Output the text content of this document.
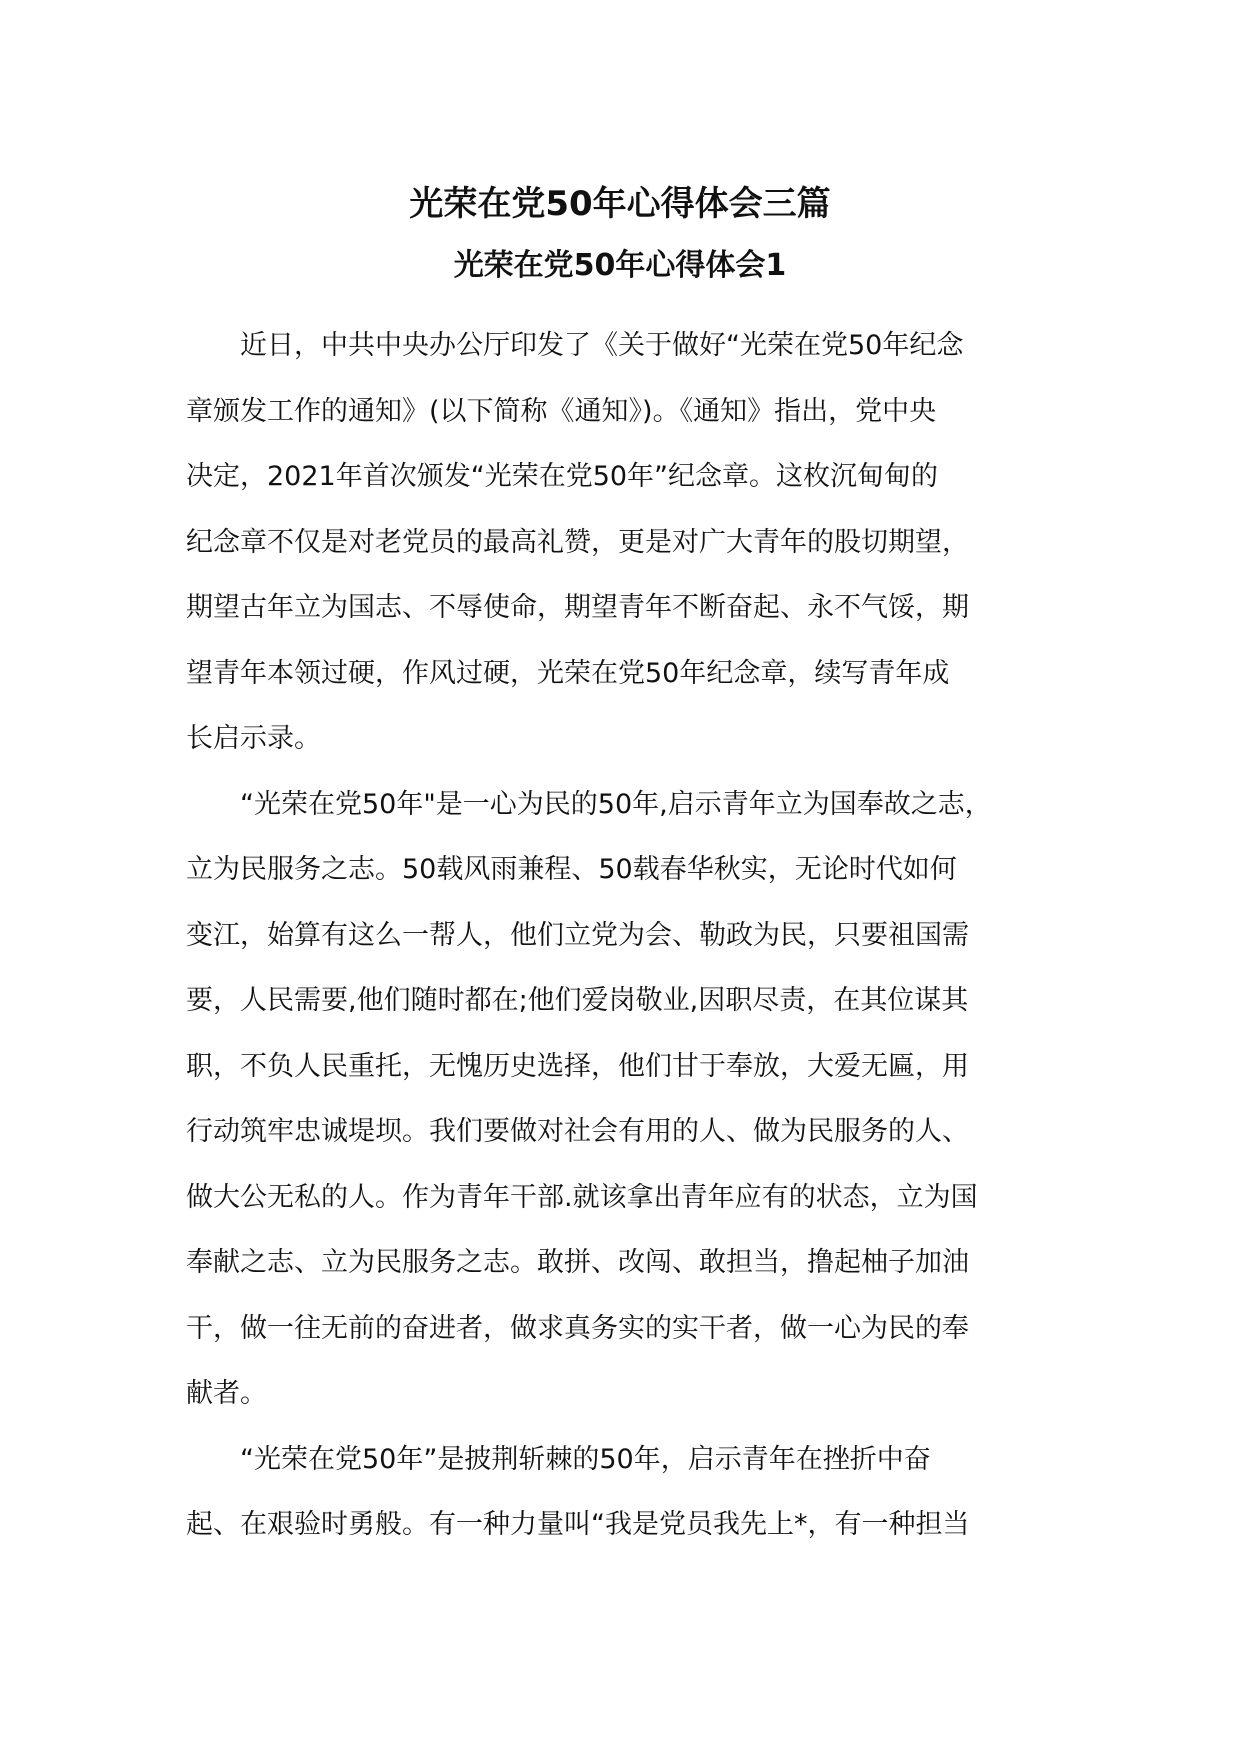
光荣在党50年心得体会三篇
光荣在党50年心得体会1

近日，中共中央办公厅印发了《关于做好“光荣在党50年纪念
章颁发工作的通知》(以下简称《通知》)。《通知》指出，党中央
决定，2021年首次颁发“光荣在党50年”纪念章。这枚沉甸甸的
纪念章不仅是对老党员的最高礼赞，更是对广大青年的股切期望，
期望古年立为国志、不辱使命，期望青年不断奋起、永不气馁，期
望青年本领过硬，作风过硬，光荣在党50年纪念章，续写青年成
长启示录。

“光荣在党50年"是一心为民的50年,启示青年立为国奉故之志，
立为民服务之志。50载风雨兼程、50载春华秋实，无论时代如何
变江，始算有这么一帮人，他们立党为会、勒政为民，只要祖国需
要，人民需要,他们随时都在;他们爱岗敬业,因职尽责，在其位谋其
职，不负人民重托，无愧历史选择，他们甘于奉放，大爱无匾，用
行动筑牢忠诚堤坝。我们要做对社会有用的人、做为民服务的人、
做大公无私的人。作为青年干部.就该拿出青年应有的状态，立为国
奉献之志、立为民服务之志。敢拼、改闯、敢担当，撸起柚子加油
干，做一往无前的奋进者，做求真务实的实干者，做一心为民的奉
献者。

“光荣在党50年”是披荆斩棘的50年，启示青年在挫折中奋
起、在艰验时勇般。有一种力量叫“我是党员我先上*，有一种担当
